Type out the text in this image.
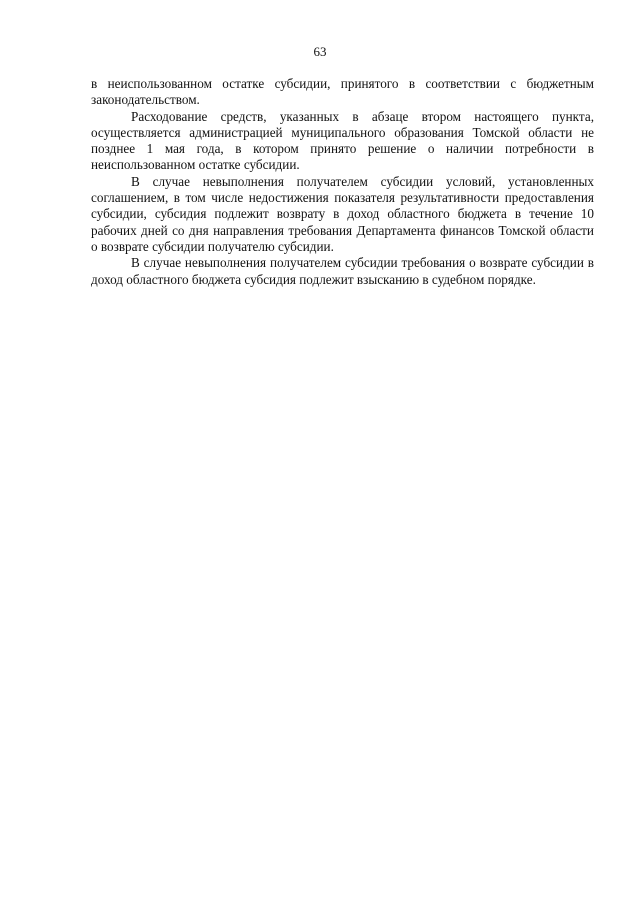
63

в неиспользованном остатке субсидии, принятого в соответствии с бюджетным законодательством.

Расходование средств, указанных в абзаце втором настоящего пункта, осуществляется администрацией муниципального образования Томской области не позднее 1 мая года, в котором принято решение о наличии потребности в неиспользованном остатке субсидии.

В случае невыполнения получателем субсидии условий, установленных соглашением, в том числе недостижения показателя результативности предоставления субсидии, субсидия подлежит возврату в доход областного бюджета в течение 10 рабочих дней со дня направления требования Департамента финансов Томской области о возврате субсидии получателю субсидии.

В случае невыполнения получателем субсидии требования о возврате субсидии в доход областного бюджета субсидия подлежит взысканию в судебном порядке.
